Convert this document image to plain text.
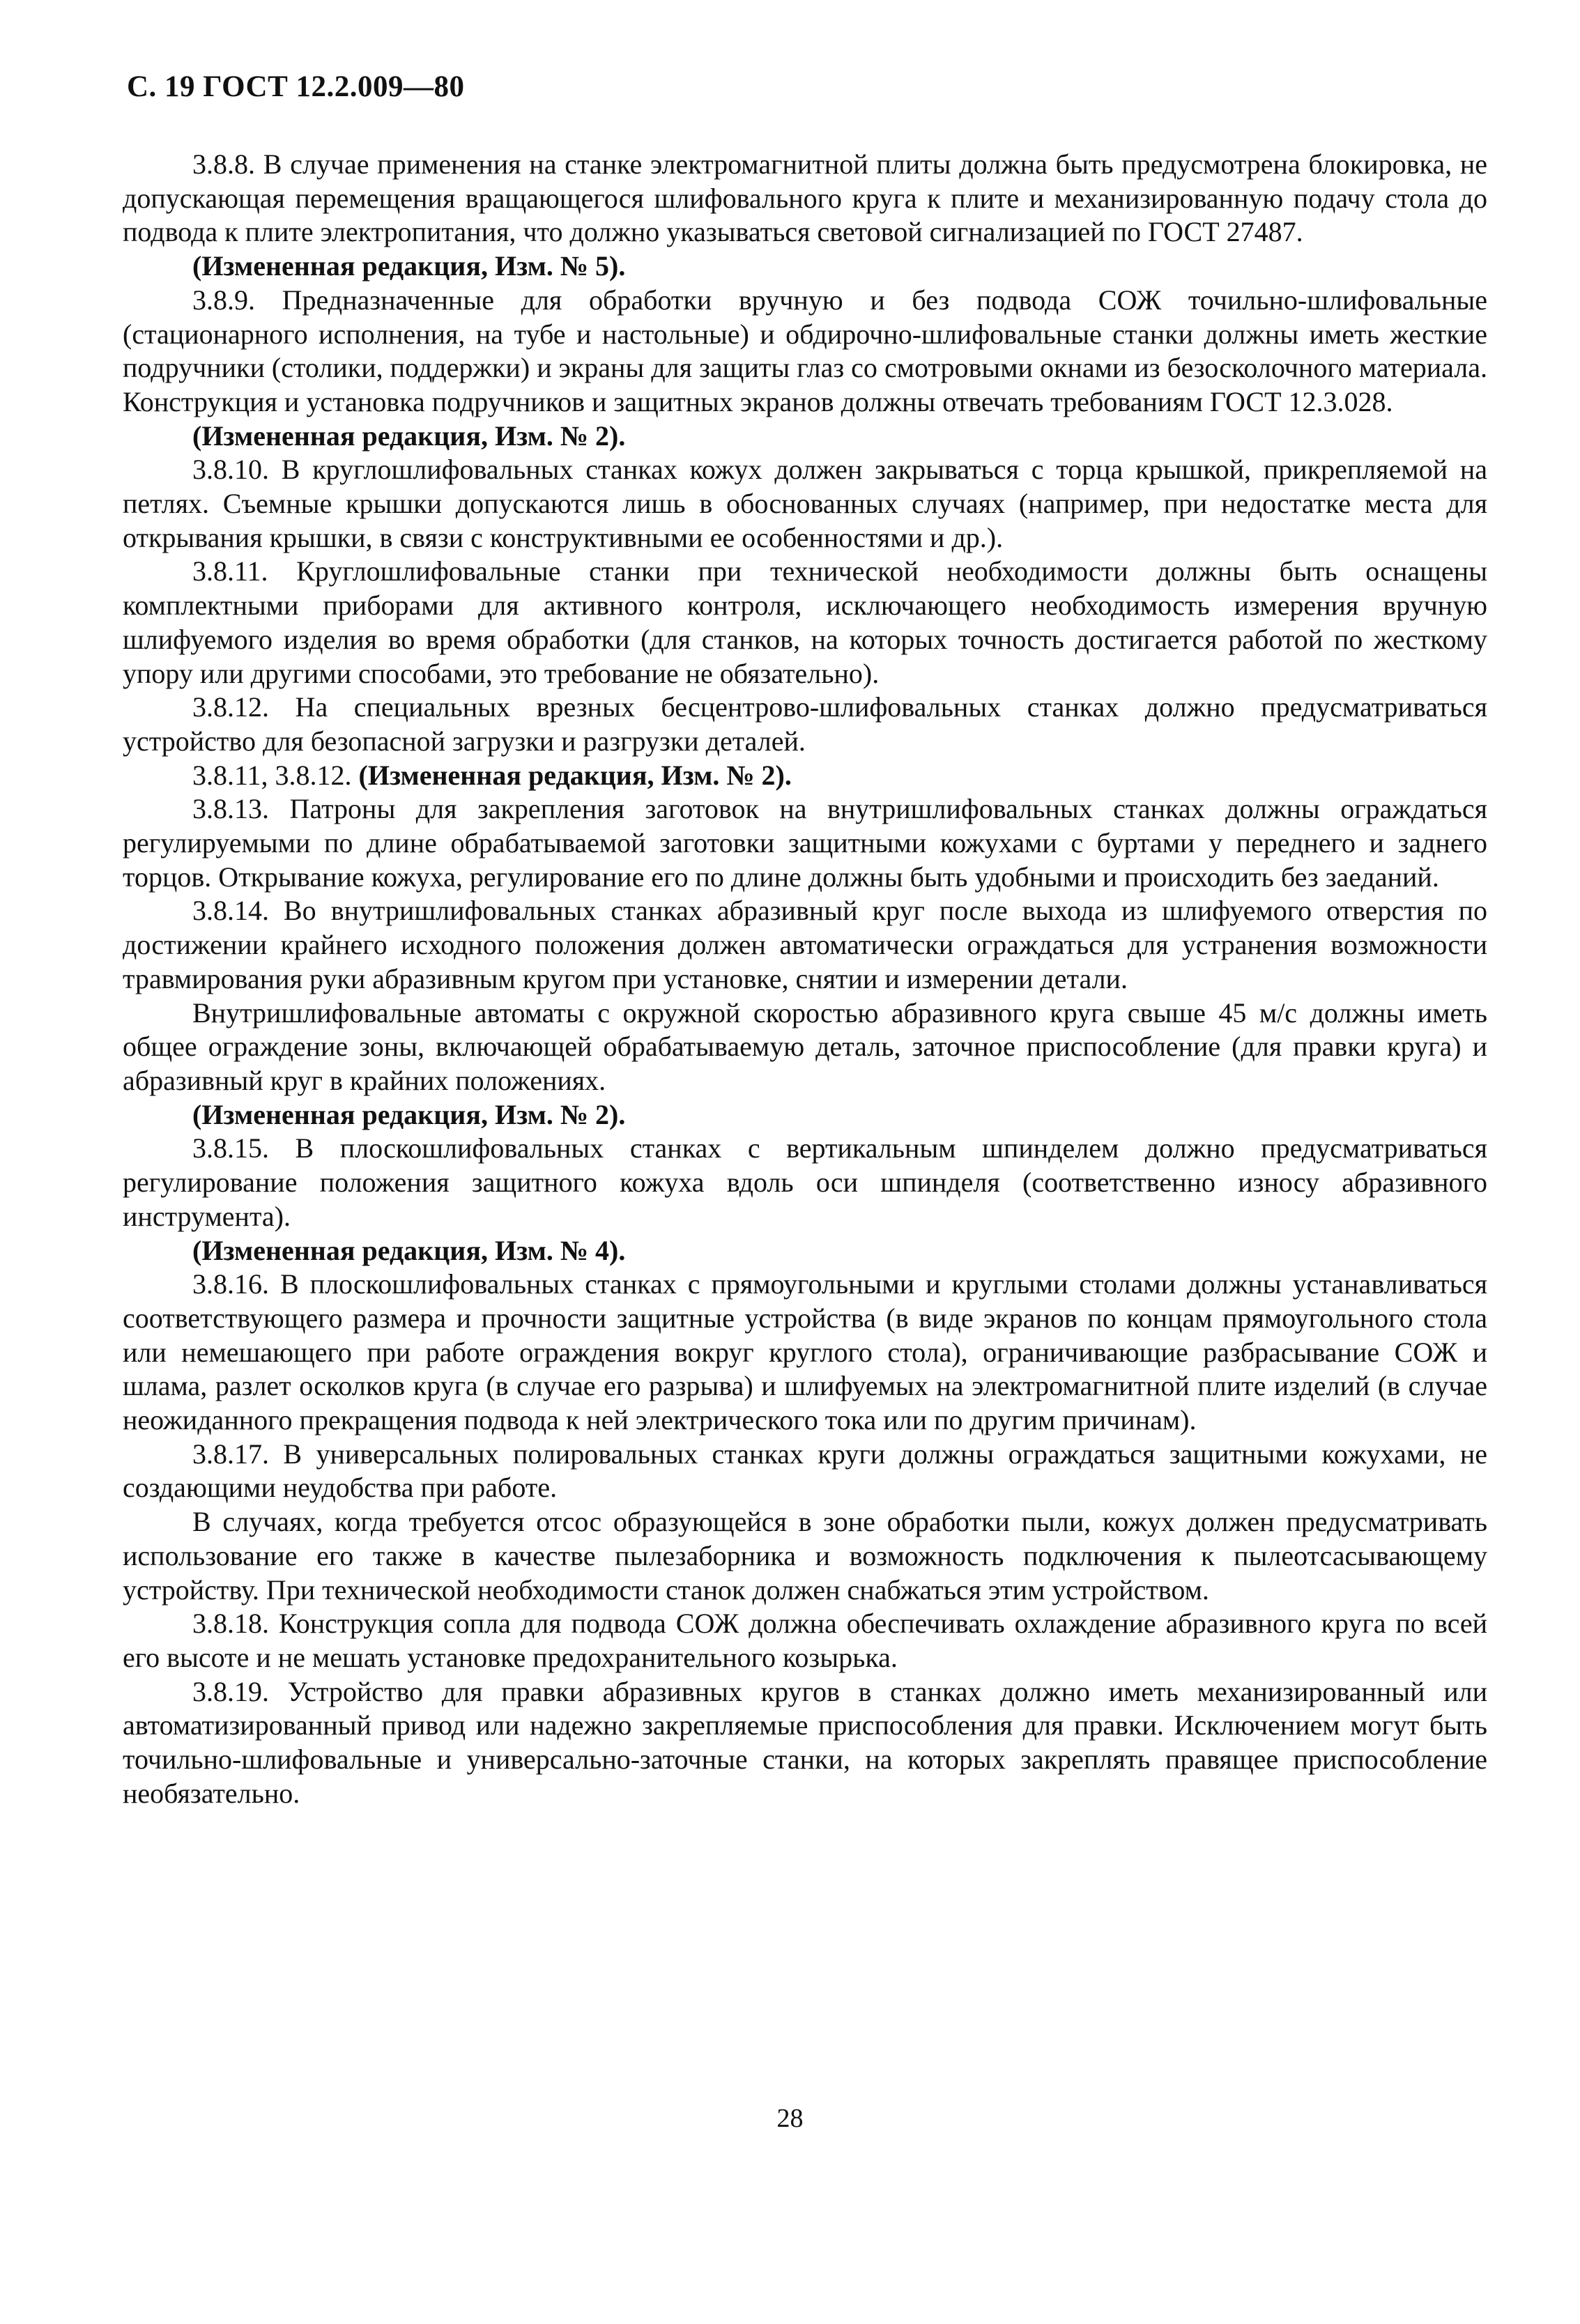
С. 19 ГОСТ 12.2.009—80

3.8.8. В случае применения на станке электромагнитной плиты должна быть предусмотрена блокировка, не допускающая перемещения вращающегося шлифовального круга к плите и механизированную подачу стола до подвода к плите электропитания, что должно указываться световой сигнализацией по ГОСТ 27487.

(Измененная редакция, Изм. № 5).

3.8.9. Предназначенные для обработки вручную и без подвода СОЖ точильно-шлифовальные (стационарного исполнения, на тубе и настольные) и обдирочно-шлифовальные станки должны иметь жесткие подручники (столики, поддержки) и экраны для защиты глаз со смотровыми окнами из безосколочного материала. Конструкция и установка подручников и защитных экранов должны отвечать требованиям ГОСТ 12.3.028.

(Измененная редакция, Изм. № 2).

3.8.10. В круглошлифовальных станках кожух должен закрываться с торца крышкой, прикрепляемой на петлях. Съемные крышки допускаются лишь в обоснованных случаях (например, при недостатке места для открывания крышки, в связи с конструктивными ее особенностями и др.).

3.8.11. Круглошлифовальные станки при технической необходимости должны быть оснащены комплектными приборами для активного контроля, исключающего необходимость измерения вручную шлифуемого изделия во время обработки (для станков, на которых точность достигается работой по жесткому упору или другими способами, это требование не обязательно).

3.8.12. На специальных врезных бесцентрово-шлифовальных станках должно предусматриваться устройство для безопасной загрузки и разгрузки деталей.

3.8.11, 3.8.12. (Измененная редакция, Изм. № 2).

3.8.13. Патроны для закрепления заготовок на внутришлифовальных станках должны ограждаться регулируемыми по длине обрабатываемой заготовки защитными кожухами с буртами у переднего и заднего торцов. Открывание кожуха, регулирование его по длине должны быть удобными и происходить без заеданий.

3.8.14. Во внутришлифовальных станках абразивный круг после выхода из шлифуемого отверстия по достижении крайнего исходного положения должен автоматически ограждаться для устранения возможности травмирования руки абразивным кругом при установке, снятии и измерении детали.

Внутришлифовальные автоматы с окружной скоростью абразивного круга свыше 45 м/с должны иметь общее ограждение зоны, включающей обрабатываемую деталь, заточное приспособление (для правки круга) и абразивный круг в крайних положениях.

(Измененная редакция, Изм. № 2).

3.8.15. В плоскошлифовальных станках с вертикальным шпинделем должно предусматриваться регулирование положения защитного кожуха вдоль оси шпинделя (соответственно износу абразивного инструмента).

(Измененная редакция, Изм. № 4).

3.8.16. В плоскошлифовальных станках с прямоугольными и круглыми столами должны устанавливаться соответствующего размера и прочности защитные устройства (в виде экранов по концам прямоугольного стола или немешающего при работе ограждения вокруг круглого стола), ограничивающие разбрасывание СОЖ и шлама, разлет осколков круга (в случае его разрыва) и шлифуемых на электромагнитной плите изделий (в случае неожиданного прекращения подвода к ней электрического тока или по другим причинам).

3.8.17. В универсальных полировальных станках круги должны ограждаться защитными кожухами, не создающими неудобства при работе.

В случаях, когда требуется отсос образующейся в зоне обработки пыли, кожух должен предусматривать использование его также в качестве пылезаборника и возможность подключения к пылеотсасывающему устройству. При технической необходимости станок должен снабжаться этим устройством.

3.8.18. Конструкция сопла для подвода СОЖ должна обеспечивать охлаждение абразивного круга по всей его высоте и не мешать установке предохранительного козырька.

3.8.19. Устройство для правки абразивных кругов в станках должно иметь механизированный или автоматизированный привод или надежно закрепляемые приспособления для правки. Исключением могут быть точильно-шлифовальные и универсально-заточные станки, на которых закреплять правящее приспособление необязательно.

28
